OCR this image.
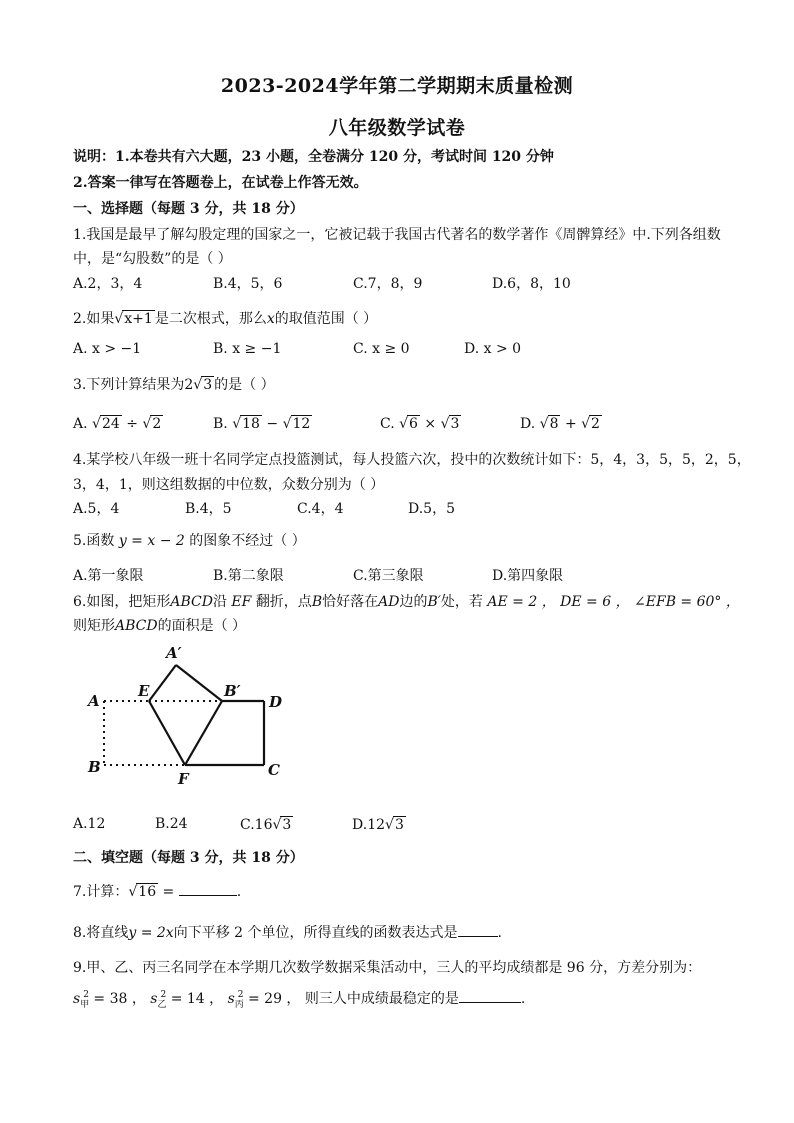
2023-2024学年第二学期期末质量检测
八年级数学试卷
说明：1.本卷共有六大题，23 小题，全卷满分 120 分，考试时间 120 分钟
2.答案一律写在答题卷上，在试卷上作答无效。
一、选择题（每题 3 分，共 18 分）
1.我国是最早了解勾股定理的国家之一，它被记载于我国古代著名的数学著作《周髀算经》中.下列各组数
中，是“勾股数”的是（ ）
A.2，3，4	B.4，5，6	C.7，8，9	D.6，8，10
2.如果√x+1 是二次根式，那么x的取值范围（ ）
A. x > −1	B. x ≥ −1	C. x ≥ 0	D. x > 0
3.下列计算结果为2√3 的是（ ）
A. √24 ÷ √2	B. √18 − √12	C. √6 × √3	D. √8 + √2
4.某学校八年级一班十名同学定点投篮测试，每人投篮六次，投中的次数统计如下：5，4，3，5，5，2，5，
3，4，1，则这组数据的中位数，众数分别为（ ）
A.5，4	B.4，5	C.4，4	D.5，5
5.函数 y = x − 2 的图象不经过（ ）
A.第一象限	B.第二象限	C.第三象限	D.第四象限
6.如图，把矩形ABCD沿 EF 翻折，点B恰好落在AD边的B′处，若 AE = 2 ， DE = 6 ， ∠EFB = 60° ，
则矩形ABCD的面积是（ ）
A′
A
E	B′
D
B
F	C
A.12	B.24	C.16√3	D.12√3
二、填空题（每题 3 分，共 18 分）
7.计算：√16 =	.
8.将直线y = 2x向下平移 2 个单位，所得直线的函数表达式是	.
9.甲、乙、丙三名同学在本学期几次数学数据采集活动中，三人的平均成绩都是 96 分，方差分别为：
$s_甲^2 = 38$ ， $s_乙^2 = 14$ ， $s_丙^2 = 29$ ， 则三人中成绩最稳定的是	.
